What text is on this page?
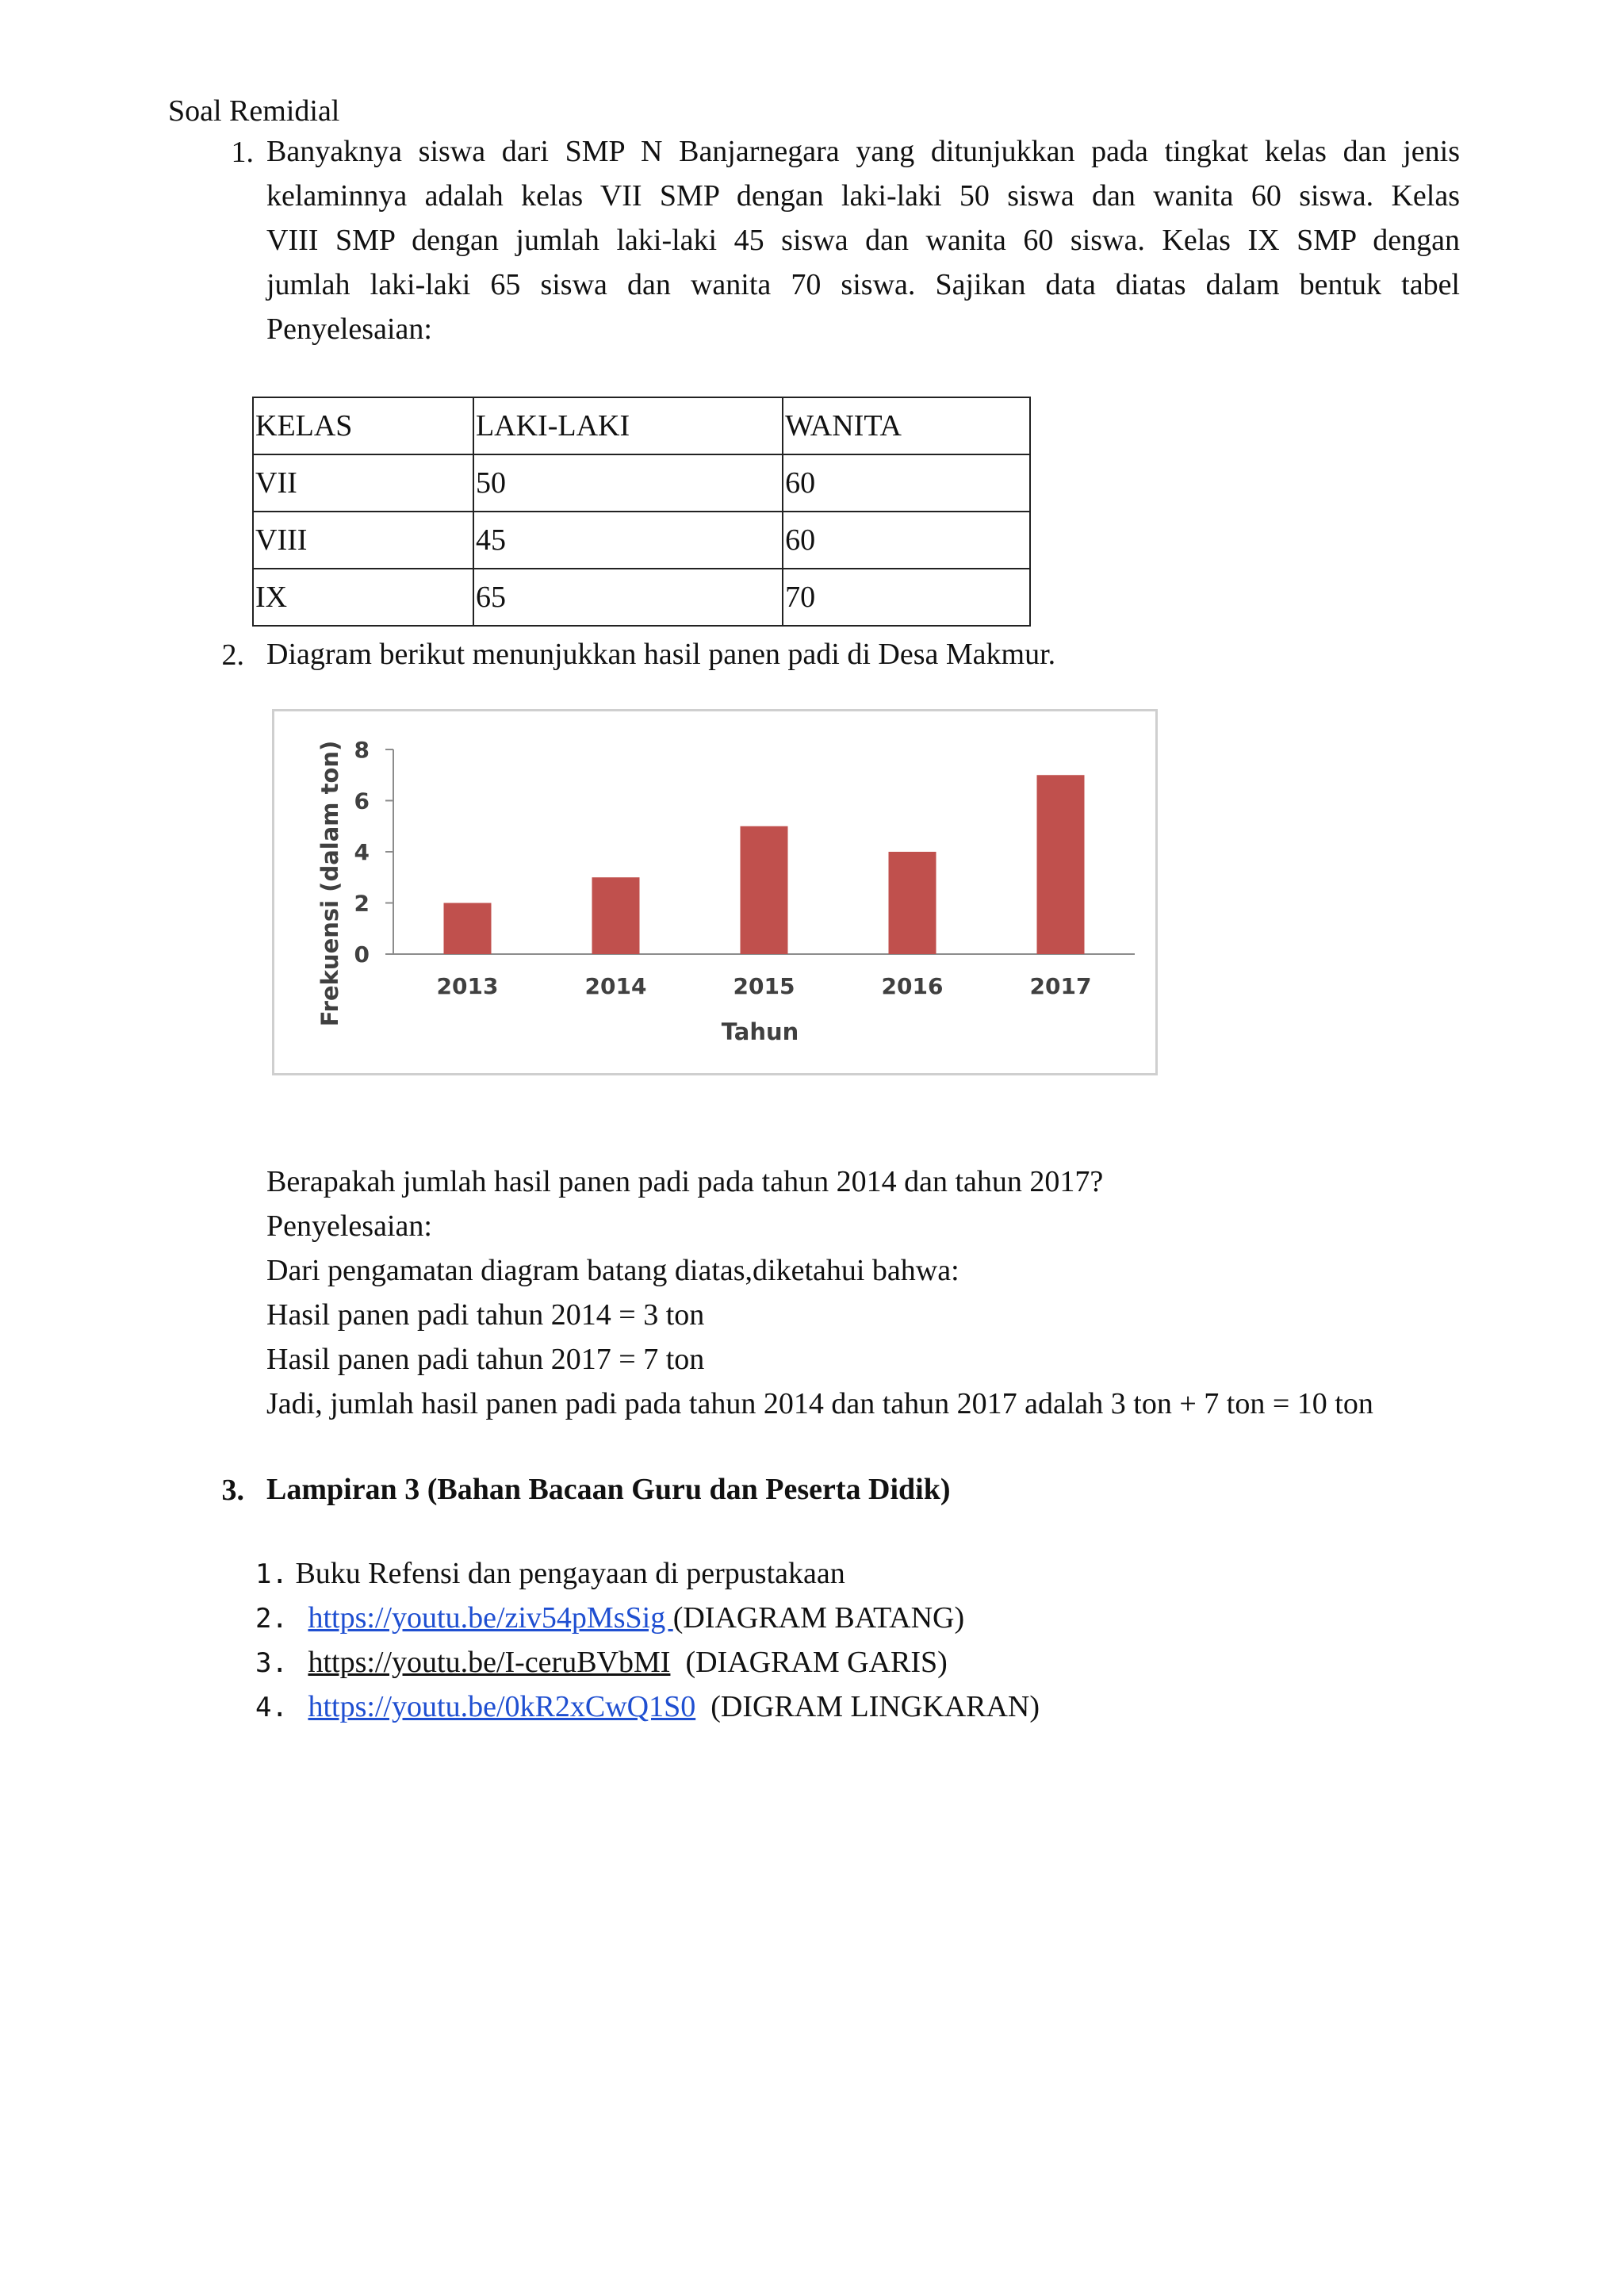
Soal Remidial
1. Banyaknya siswa dari SMP N Banjarnegara yang ditunjukkan pada tingkat kelas dan jenis
kelaminnya adalah kelas VII SMP dengan laki-laki 50 siswa dan wanita 60 siswa. Kelas
VIII SMP dengan jumlah laki-laki 45 siswa dan wanita 60 siswa. Kelas IX SMP dengan
jumlah laki-laki 65 siswa dan wanita 70 siswa. Sajikan data diatas dalam bentuk tabel
Penyelesaian:
KELAS	LAKI-LAKI	WANITA
VII	50	60
VIII	45	60
IX	65	70
2. Diagram berikut menunjukkan hasil panen padi di Desa Makmur.
0
2
4
6
8
2013	2014	2015	2016	2017
Tahun
Frekuensi (dalam ton)
Berapakah jumlah hasil panen padi pada tahun 2014 dan tahun 2017?
Penyelesaian:
Dari pengamatan diagram batang diatas,diketahui bahwa:
Hasil panen padi tahun 2014 = 3 ton
Hasil panen padi tahun 2017 = 7 ton
Jadi, jumlah hasil panen padi pada tahun 2014 dan tahun 2017 adalah 3 ton + 7 ton = 10 ton
3. Lampiran 3 (Bahan Bacaan Guru dan Peserta Didik)
1. Buku Refensi dan pengayaan di perpustakaan
2. https://youtu.be/ziv54pMsSig (DIAGRAM BATANG)
3. https://youtu.be/I-ceruBVbMI  (DIAGRAM GARIS)
4. https://youtu.be/0kR2xCwQ1S0  (DIGRAM LINGKARAN)
